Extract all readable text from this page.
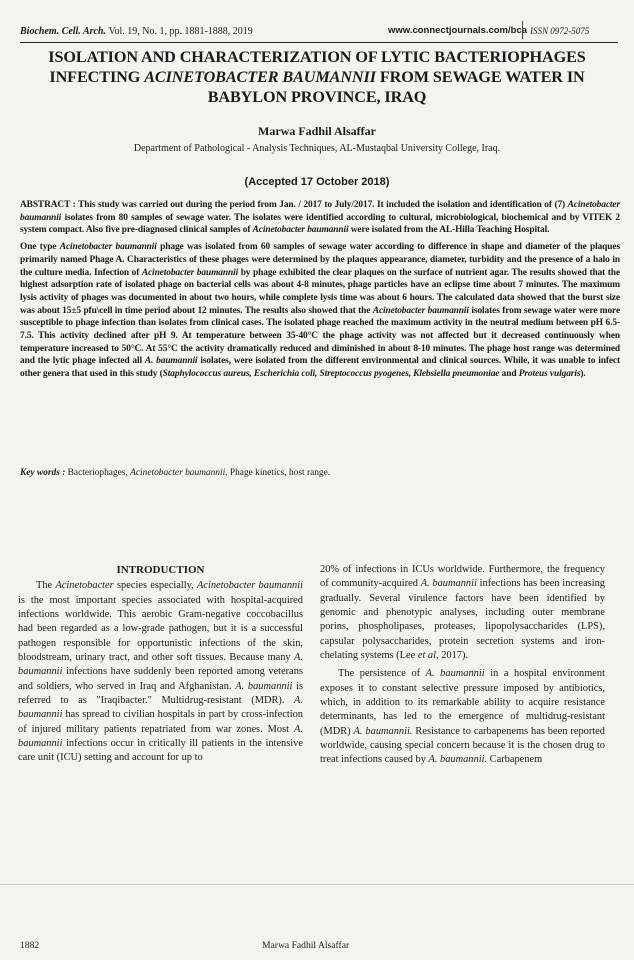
Biochem. Cell. Arch. Vol. 19, No. 1, pp. 1881-1888, 2019	www.connectjournals.com/bca ISSN 0972-5075
ISOLATION AND CHARACTERIZATION OF LYTIC BACTERIOPHAGES
INFECTING ACINETOBACTER BAUMANNII FROM SEWAGE WATER IN
BABYLON PROVINCE, IRAQ
Marwa Fadhil Alsaffar
Department of Pathological - Analysis Techniques, AL-Mustaqbal University College, Iraq.
(Accepted 17 October 2018)

ABSTRACT : This study was carried out during the period from Jan. / 2017 to July/2017. It included the isolation and identification of (7) Acinetobacter baumannii isolates from 80 samples of sewage water. The isolates were identified according to cultural, microbiological, biochemical and by VITEK 2 system compact. Also five pre-diagnosed clinical samples of Acinetobacter baumannii were isolated from the AL-Hilla Teaching Hospital.

One type Acinetobacter baumannii phage was isolated from 60 samples of sewage water according to difference in shape and diameter of the plaques primarily named Phage A. Characteristics of these phages were determined by the plaques appearance, diameter, turbidity and the presence of a halo in the culture media. Infection of Acinetobacter baumannii by phage exhibited the clear plaques on the surface of nutrient agar. The results showed that the highest adsorption rate of isolated phage on bacterial cells was about 4-8 minutes, phage particles have an eclipse time about 7 minutes. The maximum lysis activity of phages was documented in about two hours, while complete lysis time was about 6 hours. The calculated data showed that the burst size was about 15±5 pfu\cell in time period about 12 minutes. The results also showed that the Acinetobacter baumannii isolates from sewage water were more susceptible to phage infection than isolates from clinical cases. The isolated phage reached the maximum activity in the neutral medium between pH 6.5-7.5. This activity declined after pH 9. At temperature between 35-40°C the phage activity was not affected but it decreased continuously when temperature increased to 50°C. At 55°C the activity dramatically reduced and diminished in about 8-10 minutes. The phage host range was determined and the lytic phage infected all A. baumannii isolates, were isolated from the different environmental and clinical sources. While, it was unable to infect other genera that used in this study (Staphylococcus aureus, Escherichia coli, Streptococcus pyogenes, Klebsiella pneumoniae and Proteus vulgaris).

Key words : Bacteriophages, Acinetobacter baumannii, Phage kinetics, host range.
INTRODUCTION

The Acinetobacter species especially, Acinetobacter baumannii is the most important species associated with hospital-acquired infections worldwide. This aerobic Gram-negative coccobacillus had been regarded as a low-grade pathogen, but it is a successful pathogen responsible for opportunistic infections of the skin, bloodstream, urinary tract, and other soft tissues. Because many A. baumannii infections have suddenly been reported among veterans and soldiers, who served in Iraq and Afghanistan. A. baumannii is referred to as "Iraqibacter." Multidrug-resistant (MDR). A. baumannii has spread to civilian hospitals in part by cross-infection of injured military patients repatriated from war zones. Most A. baumannii infections occur in critically ill patients in the intensive care unit (ICU) setting and account for up to

20% of infections in ICUs worldwide. Furthermore, the frequency of community-acquired A. baumannii infections has been increasing gradually. Several virulence factors have been identified by genomic and phenotypic analyses, including outer membrane porins, phospholipases, proteases, lipopolysaccharides (LPS), capsular polysaccharides, protein secretion systems and iron-chelating systems (Lee et al, 2017).

The persistence of A. baumannii in a hospital environment exposes it to constant selective pressure imposed by antibiotics, which, in addition to its remarkable ability to acquire resistance determinants, has led to the emergence of multidrug-resistant (MDR) A. baumannii. Resistance to carbapenems has been reported worldwide, causing special concern because it is the chosen drug to treat infections caused by A. baumannii. Carbapenem

1882	Marwa Fadhil Alsaffar
